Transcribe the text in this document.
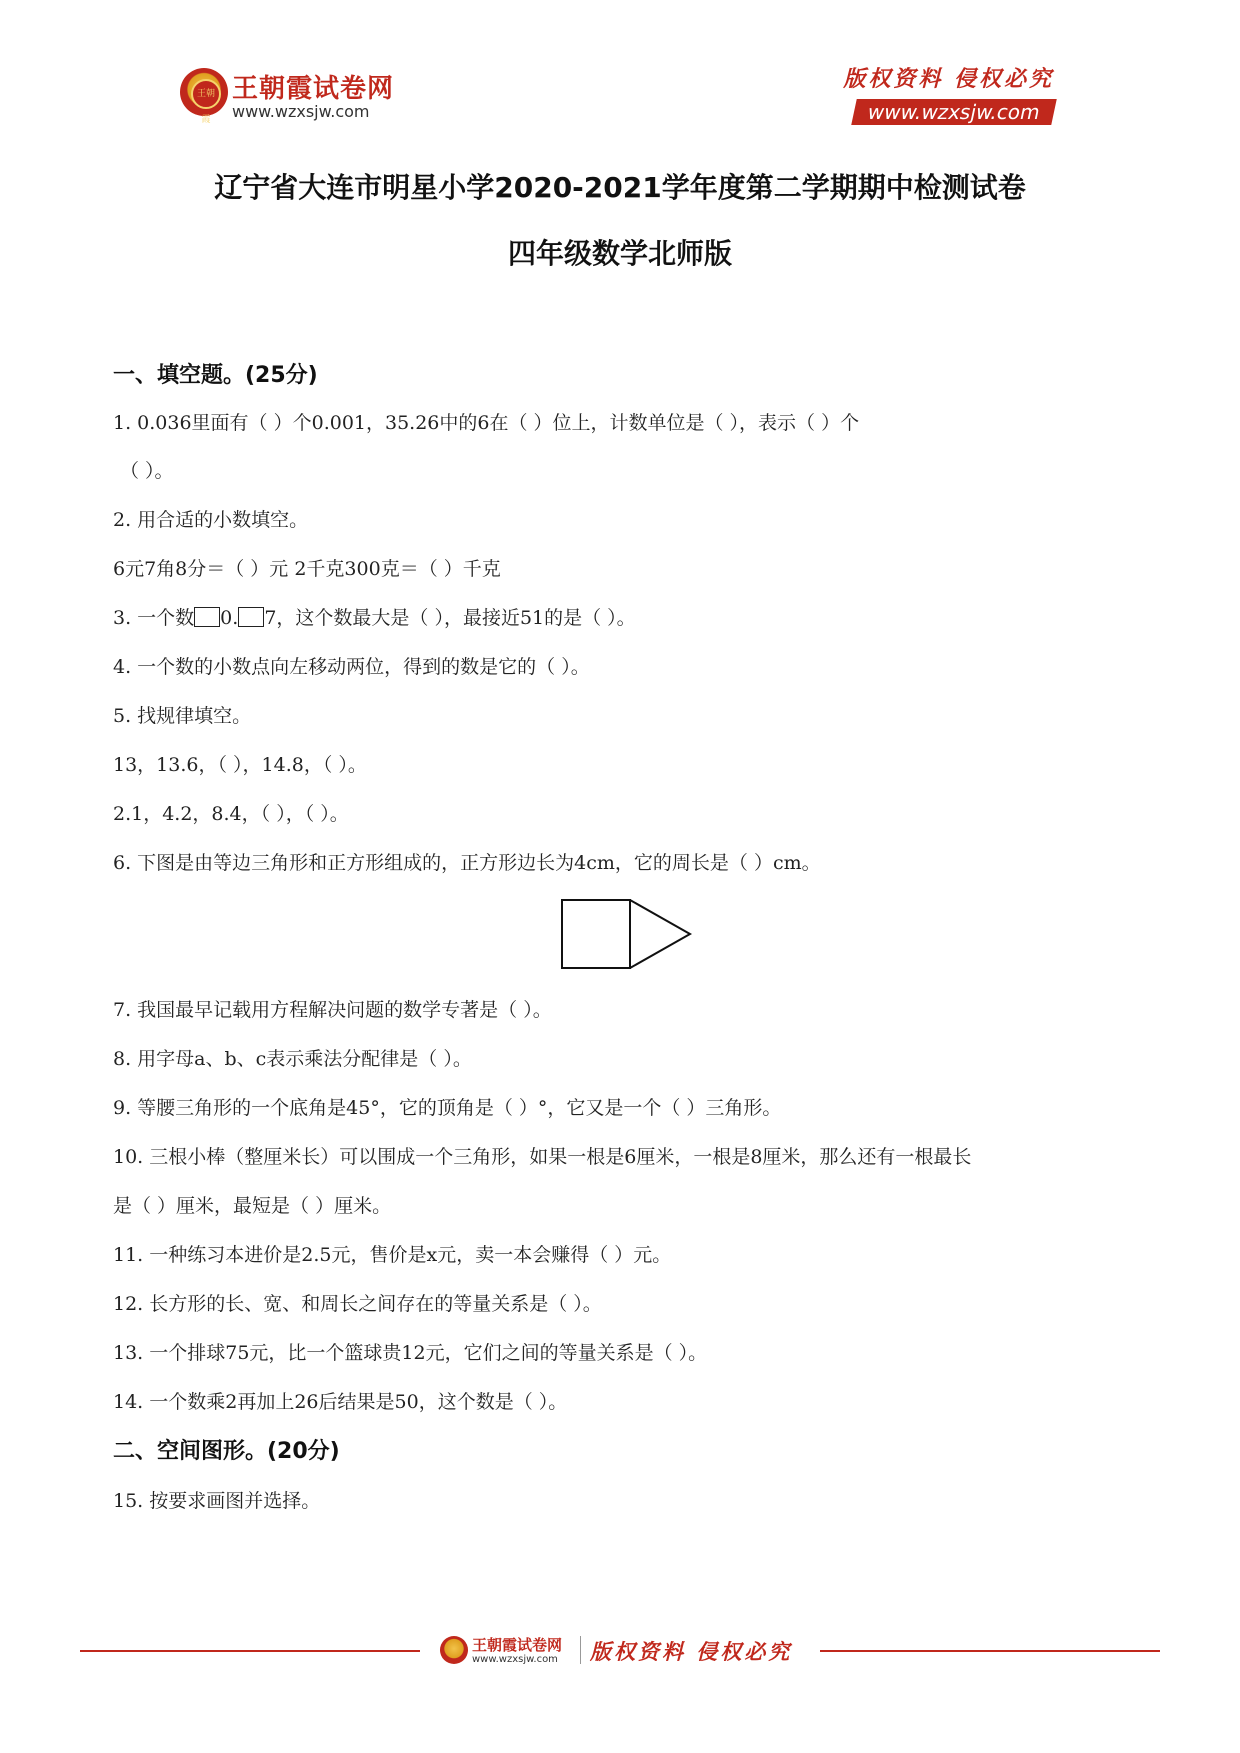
王朝霞
王朝霞试卷网
www.wzxsjw.com
版权资料 侵权必究
www.wzxsjw.com
辽宁省大连市明星小学2020-2021学年度第二学期期中检测试卷
四年级数学北师版
一、填空题。(25分)
1. 0.036里面有（ ）个0.001，35.26中的6在（ ）位上，计数单位是（ ），表示（ ）个
（ ）。
2. 用合适的小数填空。
6元7角8分＝（ ）元 2千克300克＝（ ）千克
3. 一个数 0. 7，这个数最大是（ ），最接近51的是（ ）。
4. 一个数的小数点向左移动两位，得到的数是它的（ ）。
5. 找规律填空。
13，13.6，（ ），14.8，（ ）。
2.1，4.2，8.4，（ ），（ ）。
6. 下图是由等边三角形和正方形组成的，正方形边长为4cm，它的周长是（ ）cm。
7. 我国最早记载用方程解决问题的数学专著是（ ）。
8. 用字母a、b、c表示乘法分配律是（ ）。
9. 等腰三角形的一个底角是45°，它的顶角是（ ）°，它又是一个（ ）三角形。
10. 三根小棒（整厘米长）可以围成一个三角形，如果一根是6厘米，一根是8厘米，那么还有一根最长
是（ ）厘米，最短是（ ）厘米。
11. 一种练习本进价是2.5元，售价是x元，卖一本会赚得（ ）元。
12. 长方形的长、宽、和周长之间存在的等量关系是（ ）。
13. 一个排球75元，比一个篮球贵12元，它们之间的等量关系是（ ）。
14. 一个数乘2再加上26后结果是50，这个数是（ ）。
二、空间图形。(20分)
15. 按要求画图并选择。
王朝霞试卷网
www.wzxsjw.com 版权资料 侵权必究
